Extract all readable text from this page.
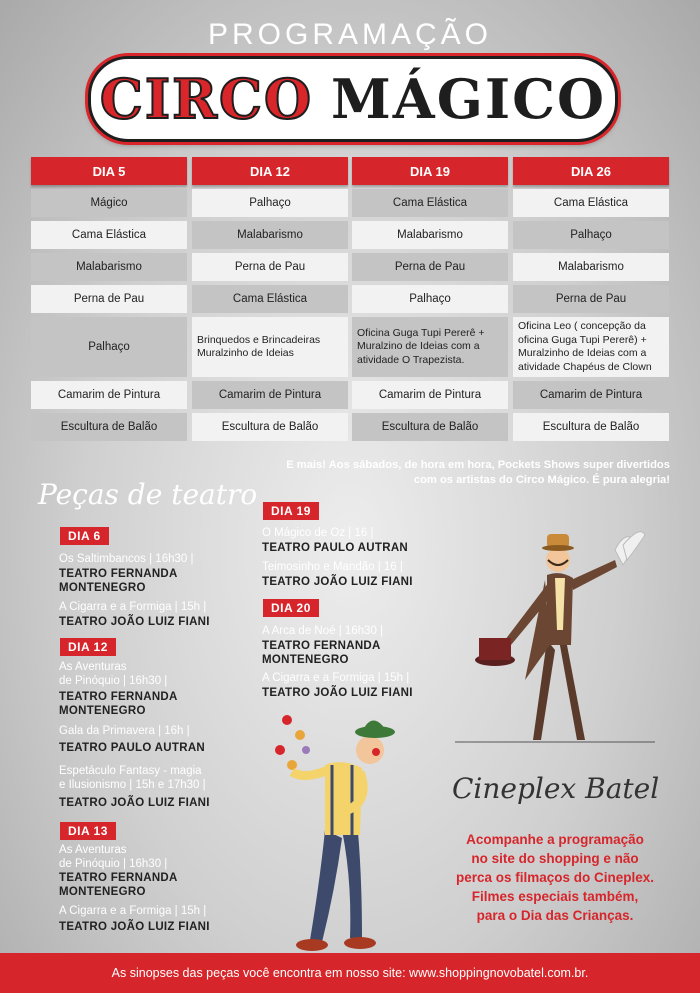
PROGRAMAÇÃO
CIRCO MÁGICO
DIA 5
Mágico
Cama Elástica
Malabarismo
Perna de Pau
Palhaço
Camarim de Pintura
Escultura de Balão
DIA 12
Palhaço
Malabarismo
Perna de Pau
Cama Elástica
Brinquedos e Brincadeiras Muralzinho de Ideias
Camarim de Pintura
Escultura de Balão
DIA 19
Cama Elástica
Malabarismo
Perna de Pau
Palhaço
Oficina Guga Tupi Pererê + Muralzino de Ideias com a atividade O Trapezista.
Camarim de Pintura
Escultura de Balão
DIA 26
Cama Elástica
Palhaço
Malabarismo
Perna de Pau
Oficina Leo ( concepção da oficina Guga Tupi Pererê) + Muralzinho de Ideias com a atividade Chapéus de Clown
Camarim de Pintura
Escultura de Balão
E mais! Aos sábados, de hora em hora, Pockets Shows super divertidos
com os artistas do Circo Mágico. É pura alegria!
Peças de teatro
DIA 6
Os Saltimbancos | 16h30 |
TEATRO FERNANDA
MONTENEGRO
A Cigarra e a Formiga | 15h |
TEATRO JOÃO LUIZ FIANI
DIA 12
As Aventuras
de Pinóquio | 16h30 |
TEATRO FERNANDA
MONTENEGRO
Gala da Primavera | 16h |
TEATRO PAULO AUTRAN
Espetáculo Fantasy - magia
e Ilusionismo | 15h e 17h30 |
TEATRO JOÃO LUIZ FIANI
DIA 13
As Aventuras
de Pinóquio | 16h30 |
TEATRO FERNANDA
MONTENEGRO
A Cigarra e a Formiga | 15h |
TEATRO JOÃO LUIZ FIANI
DIA 19
O Mágico de Oz | 16 |
TEATRO PAULO AUTRAN
Teimosinho e Mandão | 16 |
TEATRO JOÃO LUIZ FIANI
DIA 20
A Arca de Noé | 16h30 |
TEATRO FERNANDA
MONTENEGRO
A Cigarra e a Formiga | 15h |
TEATRO JOÃO LUIZ FIANI
Cineplex Batel
Acompanhe a programação
no site do shopping e não
perca os filmaços do Cineplex.
Filmes especiais também,
para o Dia das Crianças.
As sinopses das peças você encontra em nosso site: www.shoppingnovobatel.com.br.
